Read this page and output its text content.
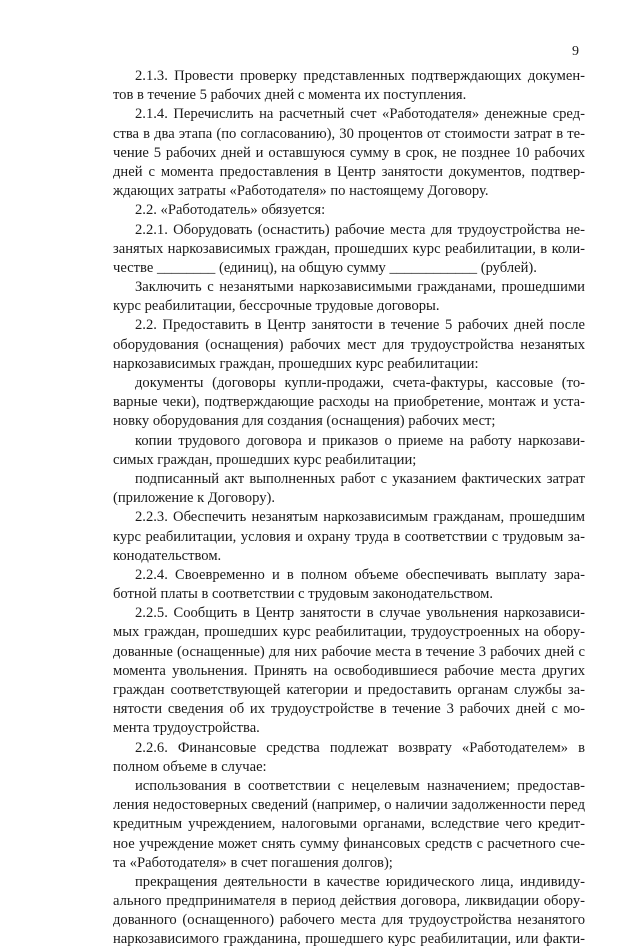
9
2.1.3. Провести проверку представленных подтверждающих докумен-
тов в течение 5 рабочих дней с момента их поступления.
2.1.4. Перечислить на расчетный счет «Работодателя» денежные сред-
ства в два этапа (по согласованию), 30 процентов от стоимости затрат в те-
чение 5 рабочих дней и оставшуюся сумму в срок, не позднее 10 рабочих
дней с момента предоставления в Центр занятости документов, подтвер-
ждающих затраты «Работодателя» по настоящему Договору.
2.2. «Работодатель» обязуется:
2.2.1. Оборудовать (оснастить) рабочие места для трудоустройства не-
занятых наркозависимых граждан, прошедших курс реабилитации, в коли-
честве ________ (единиц), на общую сумму ____________ (рублей).
Заключить с незанятыми наркозависимыми гражданами, прошедшими
курс реабилитации, бессрочные трудовые договоры.
2.2. Предоставить в Центр занятости в течение 5 рабочих дней после
оборудования (оснащения) рабочих мест для трудоустройства незанятых
наркозависимых граждан, прошедших курс реабилитации:
документы (договоры купли-продажи, счета-фактуры, кассовые (то-
варные чеки), подтверждающие расходы на приобретение, монтаж и уста-
новку оборудования для создания (оснащения) рабочих мест;
копии трудового договора и приказов о приеме на работу наркозави-
симых граждан, прошедших курс реабилитации;
подписанный акт выполненных работ с указанием фактических затрат
(приложение к Договору).
2.2.3. Обеспечить незанятым наркозависимым гражданам, прошедшим
курс реабилитации, условия и охрану труда в соответствии с трудовым за-
конодательством.
2.2.4. Своевременно и в полном объеме обеспечивать выплату зара-
ботной платы в соответствии с трудовым законодательством.
2.2.5. Сообщить в Центр занятости в случае увольнения наркозависи-
мых граждан, прошедших курс реабилитации, трудоустроенных на обору-
дованные (оснащенные) для них рабочие места в течение 3 рабочих дней с
момента увольнения. Принять на освободившиеся рабочие места других
граждан соответствующей категории и предоставить органам службы за-
нятости сведения об их трудоустройстве в течение 3 рабочих дней с мо-
мента трудоустройства.
2.2.6. Финансовые средства подлежат возврату «Работодателем» в
полном объеме в случае:
использования в соответствии с нецелевым назначением; предостав-
ления недостоверных сведений (например, о наличии задолженности перед
кредитным учреждением, налоговыми органами, вследствие чего кредит-
ное учреждение может снять сумму финансовых средств с расчетного сче-
та «Работодателя» в счет погашения долгов);
прекращения деятельности в качестве юридического лица, индивиду-
ального предпринимателя в период действия договора, ликвидации обору-
дованного (оснащенного) рабочего места для трудоустройства незанятого
наркозависимого гражданина, прошедшего курс реабилитации, или факти-
